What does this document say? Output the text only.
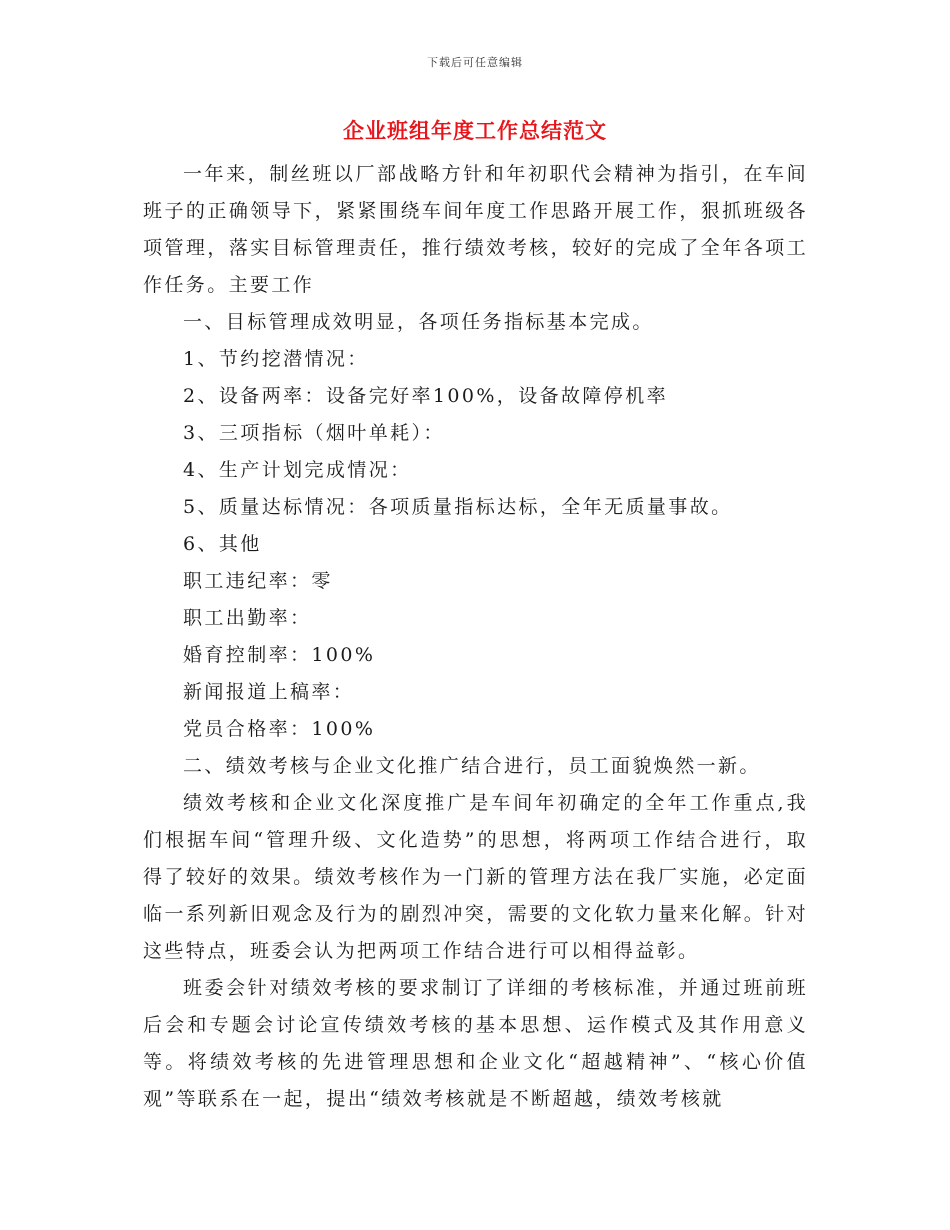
下载后可任意编辑
企业班组年度工作总结范文

一年来，制丝班以厂部战略方针和年初职代会精神为指引，在车间班子的正确领导下，紧紧围绕车间年度工作思路开展工作，狠抓班级各项管理，落实目标管理责任，推行绩效考核，较好的完成了全年各项工作任务。主要工作

一、目标管理成效明显，各项任务指标基本完成。

1、节约挖潜情况：

2、设备两率：设备完好率100%，设备故障停机率

3、三项指标（烟叶单耗）：

4、生产计划完成情况：

5、质量达标情况：各项质量指标达标，全年无质量事故。

6、其他

职工违纪率：零

职工出勤率：

婚育控制率：100%

新闻报道上稿率：

党员合格率：100%

二、绩效考核与企业文化推广结合进行，员工面貌焕然一新。

绩效考核和企业文化深度推广是车间年初确定的全年工作重点,我们根据车间“管理升级、文化造势”的思想，将两项工作结合进行，取得了较好的效果。绩效考核作为一门新的管理方法在我厂实施，必定面临一系列新旧观念及行为的剧烈冲突，需要的文化软力量来化解。针对这些特点，班委会认为把两项工作结合进行可以相得益彰。

班委会针对绩效考核的要求制订了详细的考核标准，并通过班前班后会和专题会讨论宣传绩效考核的基本思想、运作模式及其作用意义等。将绩效考核的先进管理思想和企业文化“超越精神”、“核心价值观”等联系在一起，提出“绩效考核就是不断超越，绩效考核就
